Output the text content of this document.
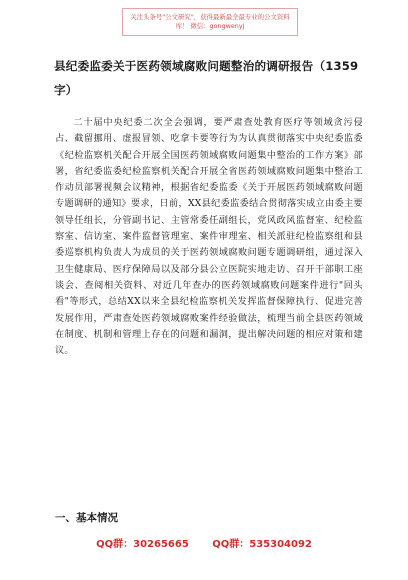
关注头条号"公文研究"，获得最新最全最专业的公文资料库！ 微信：gongwenyj
县纪委监委关于医药领域腐败问题整治的调研报告（1359字）

二十届中央纪委二次全会强调，要严肃查处教育医疗等领域贪污侵占、截留挪用、虚报冒领、吃拿卡要等行为为认真贯彻落实中央纪委监委《纪检监察机关配合开展全国医药领域腐败问题集中整治的工作方案》部署，省纪委监委纪检监察机关配合开展全省医药领域腐败问题集中整治工作动员部署视频会议精神，根据省纪委监委《关于开展医药领域腐败问题专题调研的通知》要求，日前，XX县纪委监委结合贯彻落实成立由委主要领导任组长，分管副书记、主管常委任副组长，党风政风监督室、纪检监察室、信访室、案件监督管理室、案件审理室、相关派驻纪检监察组和县委巡察机构负责人为成员的关于医药领域腐败问题专题调研组，通过深入卫生健康局、医疗保障局以及部分县公立医院实地走访、召开干部职工座谈会、查阅相关资料、对近几年查办的医药领域腐败问题案件进行"回头看"等形式，总结XX以来全县纪检监察机关发挥监督保障执行、促进完善发展作用，严肃查处医药领域腐败案件经验做法，梳理当前全县医药领域在制度、机制和管理上存在的问题和漏洞，提出解决问题的相应对策和建议。

一、基本情况
QQ群：30265665 QQ群：535304092
